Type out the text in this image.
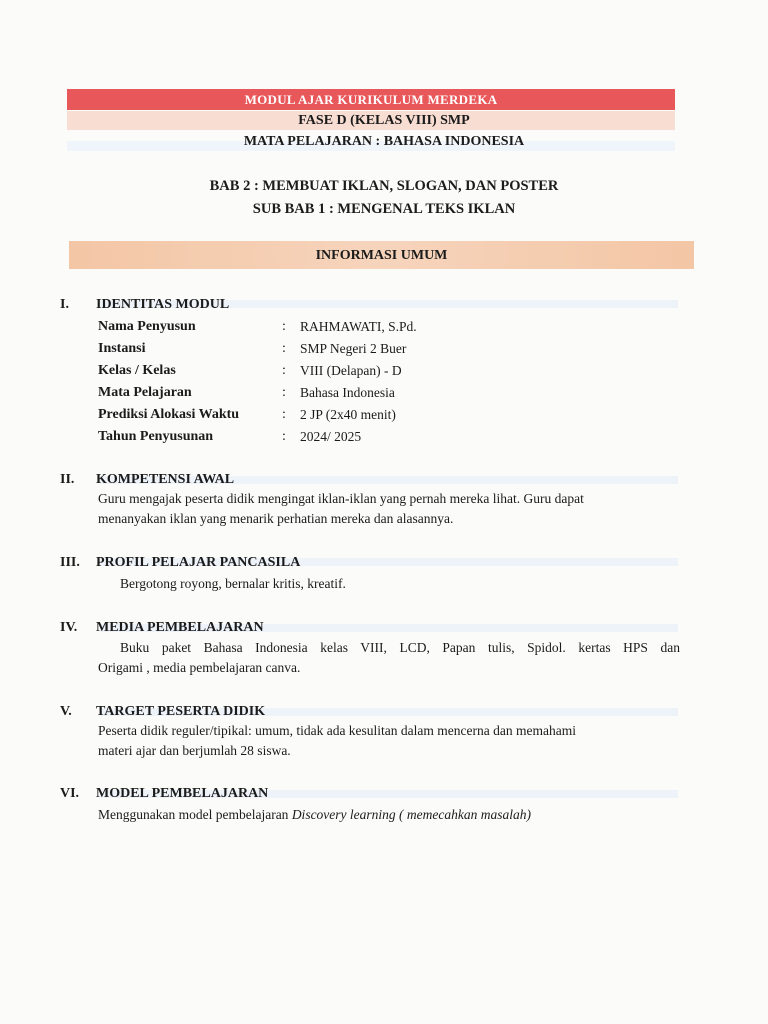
MODUL AJAR KURIKULUM MERDEKA
FASE D (KELAS VIII) SMP
MATA PELAJARAN : BAHASA INDONESIA
BAB 2 : MEMBUAT IKLAN, SLOGAN, DAN POSTER
SUB BAB 1 : MENGENAL TEKS IKLAN
INFORMASI UMUM
I. IDENTITAS MODUL
Nama Penyusun	: RAHMAWATI, S.Pd.
Instansi	: SMP Negeri 2 Buer
Kelas / Kelas	: VIII (Delapan) - D
Mata Pelajaran	: Bahasa Indonesia
Prediksi Alokasi Waktu	: 2 JP (2x40 menit)
Tahun Penyusunan	: 2024/ 2025
II. KOMPETENSI AWAL
Guru mengajak peserta didik mengingat iklan-iklan yang pernah mereka lihat. Guru dapat
menanyakan iklan yang menarik perhatian mereka dan alasannya.
III. PROFIL PELAJAR PANCASILA
Bergotong royong, bernalar kritis, kreatif.
IV. MEDIA PEMBELAJARAN
Buku paket Bahasa Indonesia kelas VIII, LCD, Papan tulis, Spidol. kertas HPS dan
Origami , media pembelajaran canva.
V. TARGET PESERTA DIDIK
Peserta didik reguler/tipikal: umum, tidak ada kesulitan dalam mencerna dan memahami
materi ajar dan berjumlah 28 siswa.
VI. MODEL PEMBELAJARAN
Menggunakan model pembelajaran Discovery learning ( memecahkan masalah)
